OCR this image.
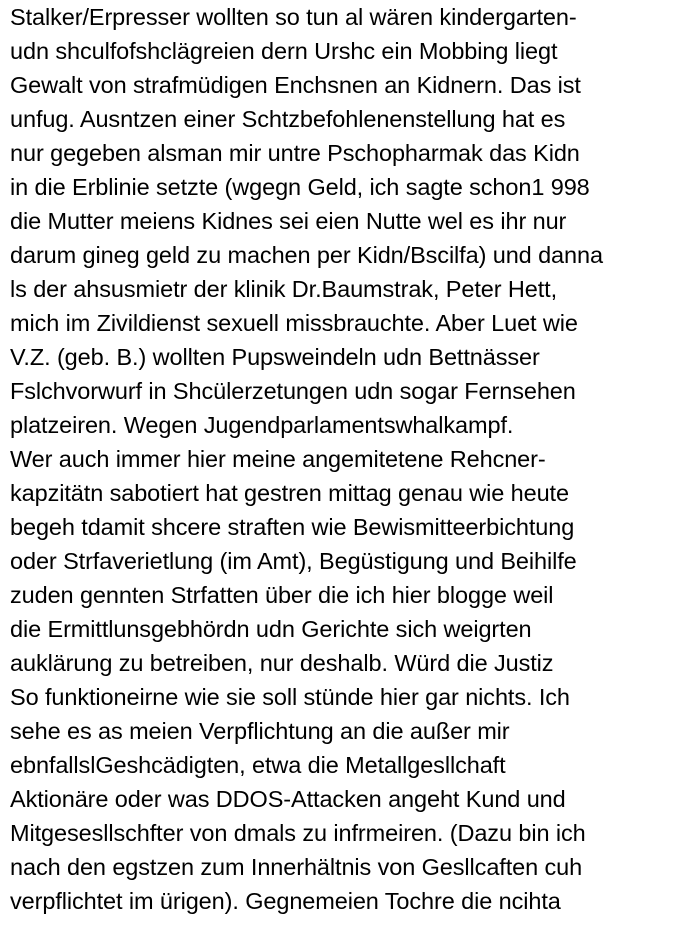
Stalker/Erpresser wollten so tun al wären kindergarten-

udn shculfofshclägreien dern Urshc ein Mobbing liegt

Gewalt von strafmüdigen Enchsnen an Kidnern. Das ist

unfug. Ausntzen einer Schtzbefohlenenstellung hat es

nur gegeben alsman mir untre Pschopharmak das Kidn

in die Erblinie setzte (wgegn Geld, ich sagte schon1 998

die Mutter meiens Kidnes sei eien Nutte wel es ihr nur

darum gineg geld zu machen per Kidn/Bscilfa) und danna

ls der ahsusmietr der klinik Dr.Baumstrak, Peter Hett,

mich im Zivildienst sexuell missbrauchte. Aber Luet wie

V.Z. (geb. B.) wollten Pupsweindeln udn Bettnässer

Fslchvorwurf in Shcülerzetungen udn sogar Fernsehen

platzeiren. Wegen Jugendparlamentswhalkampf.

Wer auch immer hier meine angemitetene Rehcner-

kapzitätn sabotiert hat gestren mittag genau wie heute

begeh tdamit shcere straften wie Bewismitteerbichtung

oder Strfaverietlung (im Amt), Begüstigung und Beihilfe

zuden gennten Strfatten über die ich hier blogge weil

die Ermittlunsgebhördn udn Gerichte sich weigrten

auklärung zu betreiben, nur deshalb. Würd die Justiz

So funktioneirne wie sie soll stünde hier gar nichts. Ich

sehe es as meien Verpflichtung an die außer mir

ebnfallslGeshcädigten, etwa die Metallgesllchaft

Aktionäre oder was DDOS-Attacken angeht Kund und

Mitgesesllschfter von dmals zu infrmeiren. (Dazu bin ich

nach den egstzen zum Innerhältnis von Gesllcaften cuh

verpflichtet im ürigen). Gegnemeien Tochre die ncihta
